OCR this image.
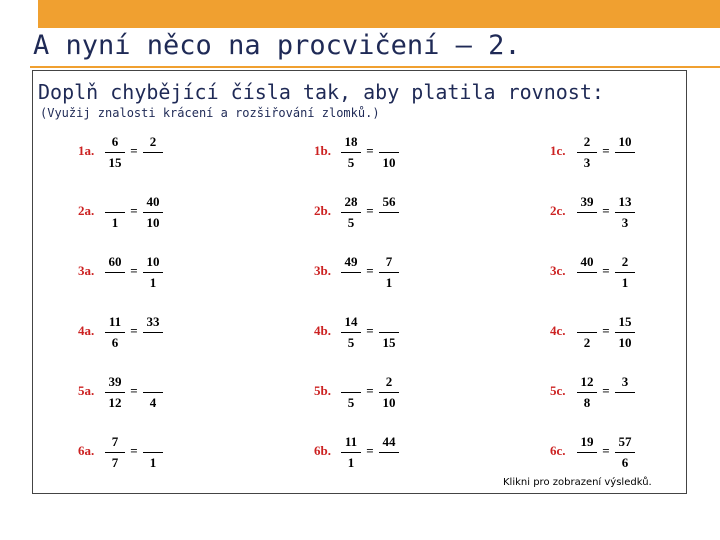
A nyní něco na procvičení – 2.
Doplň chybějící čísla tak, aby platila rovnost:
(Využij znalosti krácení a rozšiřování zlomků.)
1a.
6
15
=
2
1b.
18
5
=
10
1c.
2
3
=
10
2a.
1
=
40
10
2b.
28
5
=
56
2c.
39
=
13
3
3a.
60
=
10
1
3b.
49
=
7
1
3c.
40
=
2
1
4a.
11
6
=
33
4b.
14
5
=
15
4c.
2
=
15
10
5a.
39
12
=
4
5b.
5
=
2
10
5c.
12
8
=
3
6a.
7
7
=
1
6b.
11
1
=
44
6c.
19
=
57
6
Klikni pro zobrazení výsledků.
